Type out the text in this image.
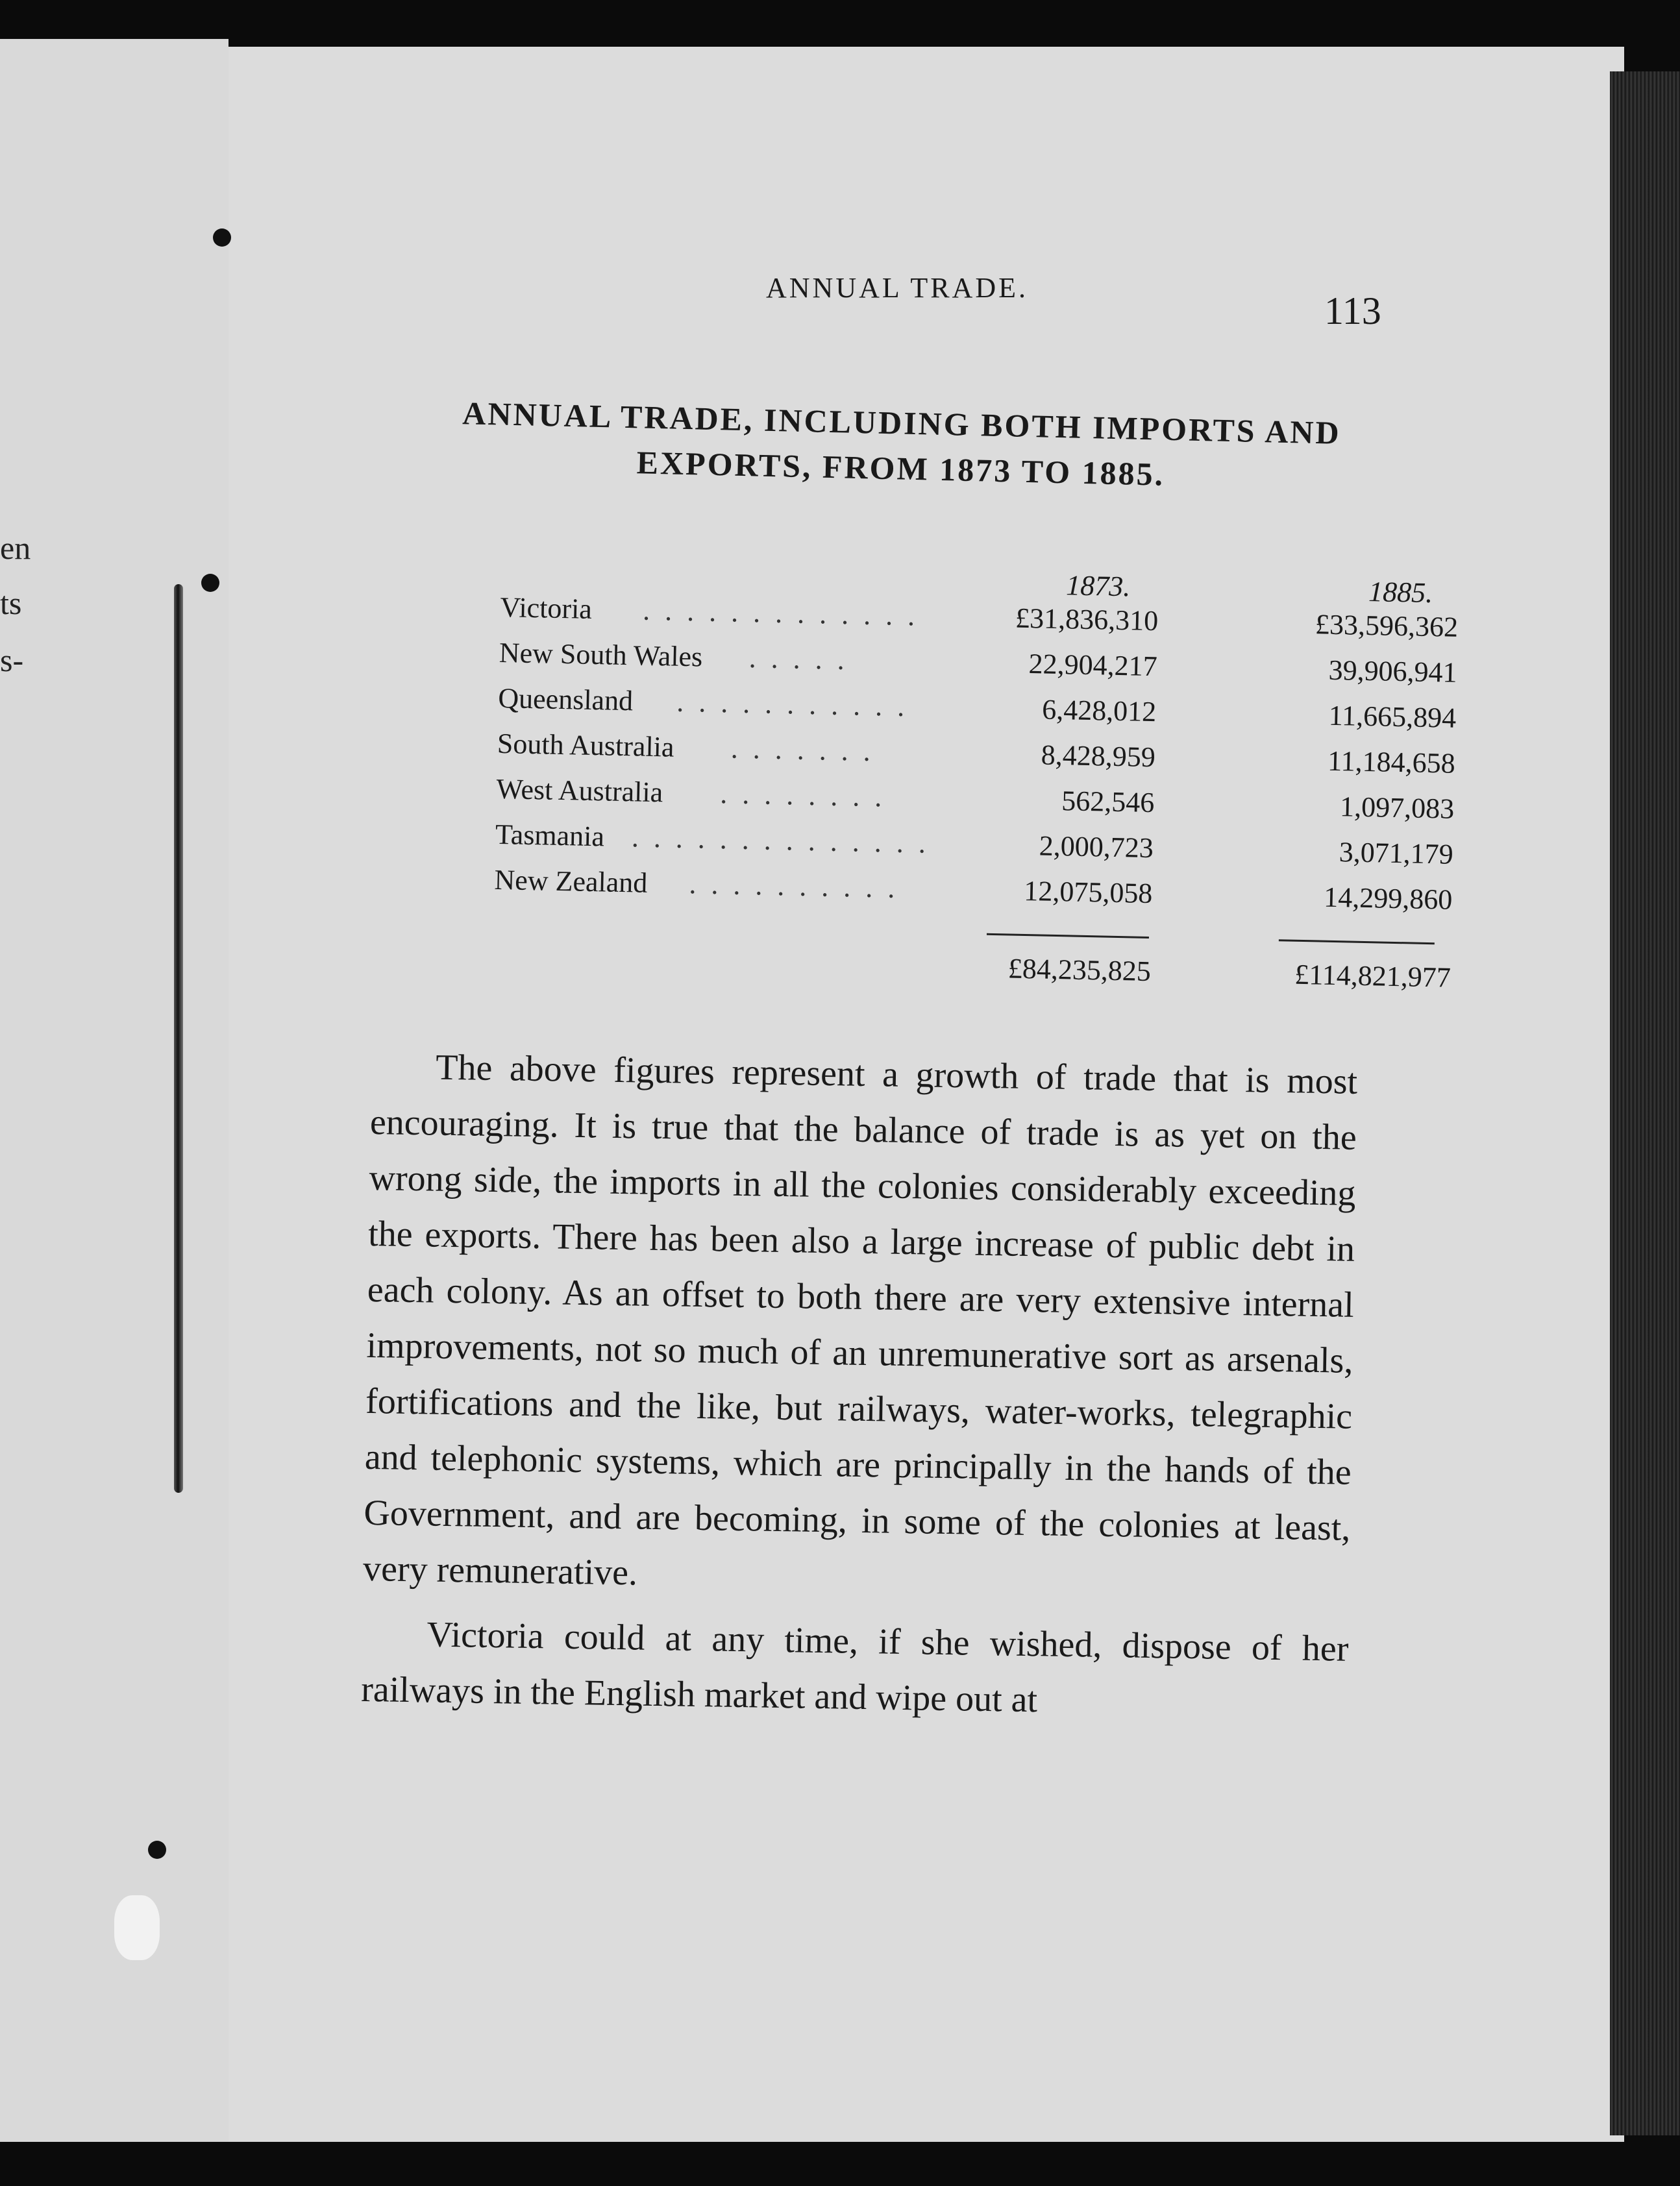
en
ts
s-
ANNUAL TRADE.
113
ANNUAL TRADE, INCLUDING BOTH IMPORTS AND
EXPORTS, FROM 1873 TO 1885.
1873.	1885.
Victoria . . . . . . . . . . . . .	£31,836,310	£33,596,362
New South Wales . . . . .	22,904,217	39,906,941
Queensland . . . . . . . . . . .	6,428,012	11,665,894
South Australia . . . . . . .	8,428,959	11,184,658
West Australia . . . . . . . .	562,546	1,097,083
Tasmania . . . . . . . . . . . . . .	2,000,723	3,071,179
New Zealand . . . . . . . . . .	12,075,058	14,299,860
£84,235,825	£114,821,977

The above figures represent a growth of trade that is most encouraging. It is true that the balance of trade is as yet on the wrong side, the imports in all the colonies considerably exceeding the exports. There has been also a large increase of public debt in each colony. As an offset to both there are very extensive internal improvements, not so much of an unremunerative sort as arsenals, fortifications and the like, but railways, water-works, telegraphic and telephonic systems, which are principally in the hands of the Government, and are becoming, in some of the colonies at least, very remunerative.

Victoria could at any time, if she wished, dispose of her railways in the English market and wipe out at
